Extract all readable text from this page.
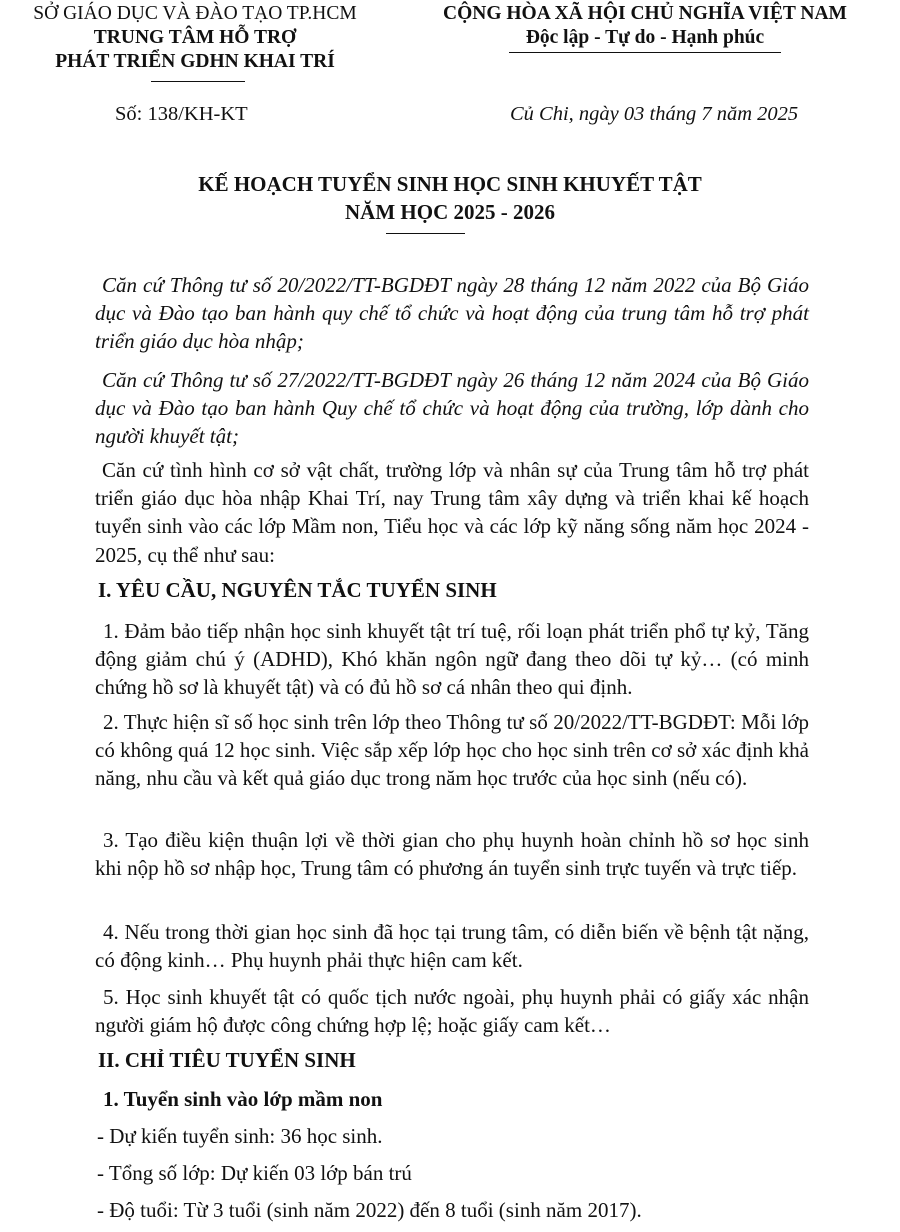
SỞ GIÁO DỤC VÀ ĐÀO TẠO TP.HCM
TRUNG TÂM HỖ TRỢ
PHÁT TRIỂN GDHN KHAI TRÍ
CỘNG HÒA XÃ HỘI CHỦ NGHĨA VIỆT NAM
Độc lập - Tự do - Hạnh phúc
Số: 138/KH-KT	Củ Chi, ngày 03 tháng 7 năm 2025
KẾ HOẠCH TUYỂN SINH HỌC SINH KHUYẾT TẬT
NĂM HỌC 2025 - 2026
Căn cứ Thông tư số 20/2022/TT-BGDĐT ngày 28 tháng 12 năm 2022 của Bộ Giáo dục và Đào tạo ban hành quy chế tổ chức và hoạt động của trung tâm hỗ trợ phát triển giáo dục hòa nhập;
Căn cứ Thông tư số 27/2022/TT-BGDĐT ngày 26 tháng 12 năm 2024 của Bộ Giáo dục và Đào tạo ban hành Quy chế tổ chức và hoạt động của trường, lớp dành cho người khuyết tật;
Căn cứ tình hình cơ sở vật chất, trường lớp và nhân sự của Trung tâm hỗ trợ phát triển giáo dục hòa nhập Khai Trí, nay Trung tâm xây dựng và triển khai kế hoạch tuyển sinh vào các lớp Mầm non, Tiểu học và các lớp kỹ năng sống năm học 2024 - 2025, cụ thể như sau:
I. YÊU CẦU, NGUYÊN TẮC TUYỂN SINH
1. Đảm bảo tiếp nhận học sinh khuyết tật trí tuệ, rối loạn phát triển phổ tự kỷ, Tăng động giảm chú ý (ADHD), Khó khăn ngôn ngữ đang theo dõi tự kỷ… (có minh chứng hồ sơ là khuyết tật) và có đủ hồ sơ cá nhân theo qui định.
2. Thực hiện sĩ số học sinh trên lớp theo Thông tư số 20/2022/TT-BGDĐT: Mỗi lớp có không quá 12 học sinh. Việc sắp xếp lớp học cho học sinh trên cơ sở xác định khả năng, nhu cầu và kết quả giáo dục trong năm học trước của học sinh (nếu có).
3. Tạo điều kiện thuận lợi về thời gian cho phụ huynh hoàn chỉnh hồ sơ học sinh khi nộp hồ sơ nhập học, Trung tâm có phương án tuyển sinh trực tuyến và trực tiếp.
4. Nếu trong thời gian học sinh đã học tại trung tâm, có diễn biến về bệnh tật nặng, có động kinh… Phụ huynh phải thực hiện cam kết.
5. Học sinh khuyết tật có quốc tịch nước ngoài, phụ huynh phải có giấy xác nhận người giám hộ được công chứng hợp lệ; hoặc giấy cam kết…
II. CHỈ TIÊU TUYỂN SINH
1. Tuyển sinh vào lớp mầm non
- Dự kiến tuyển sinh: 36 học sinh.
- Tổng số lớp: Dự kiến 03 lớp bán trú
- Độ tuổi: Từ 3 tuổi (sinh năm 2022) đến 8 tuổi (sinh năm 2017).
